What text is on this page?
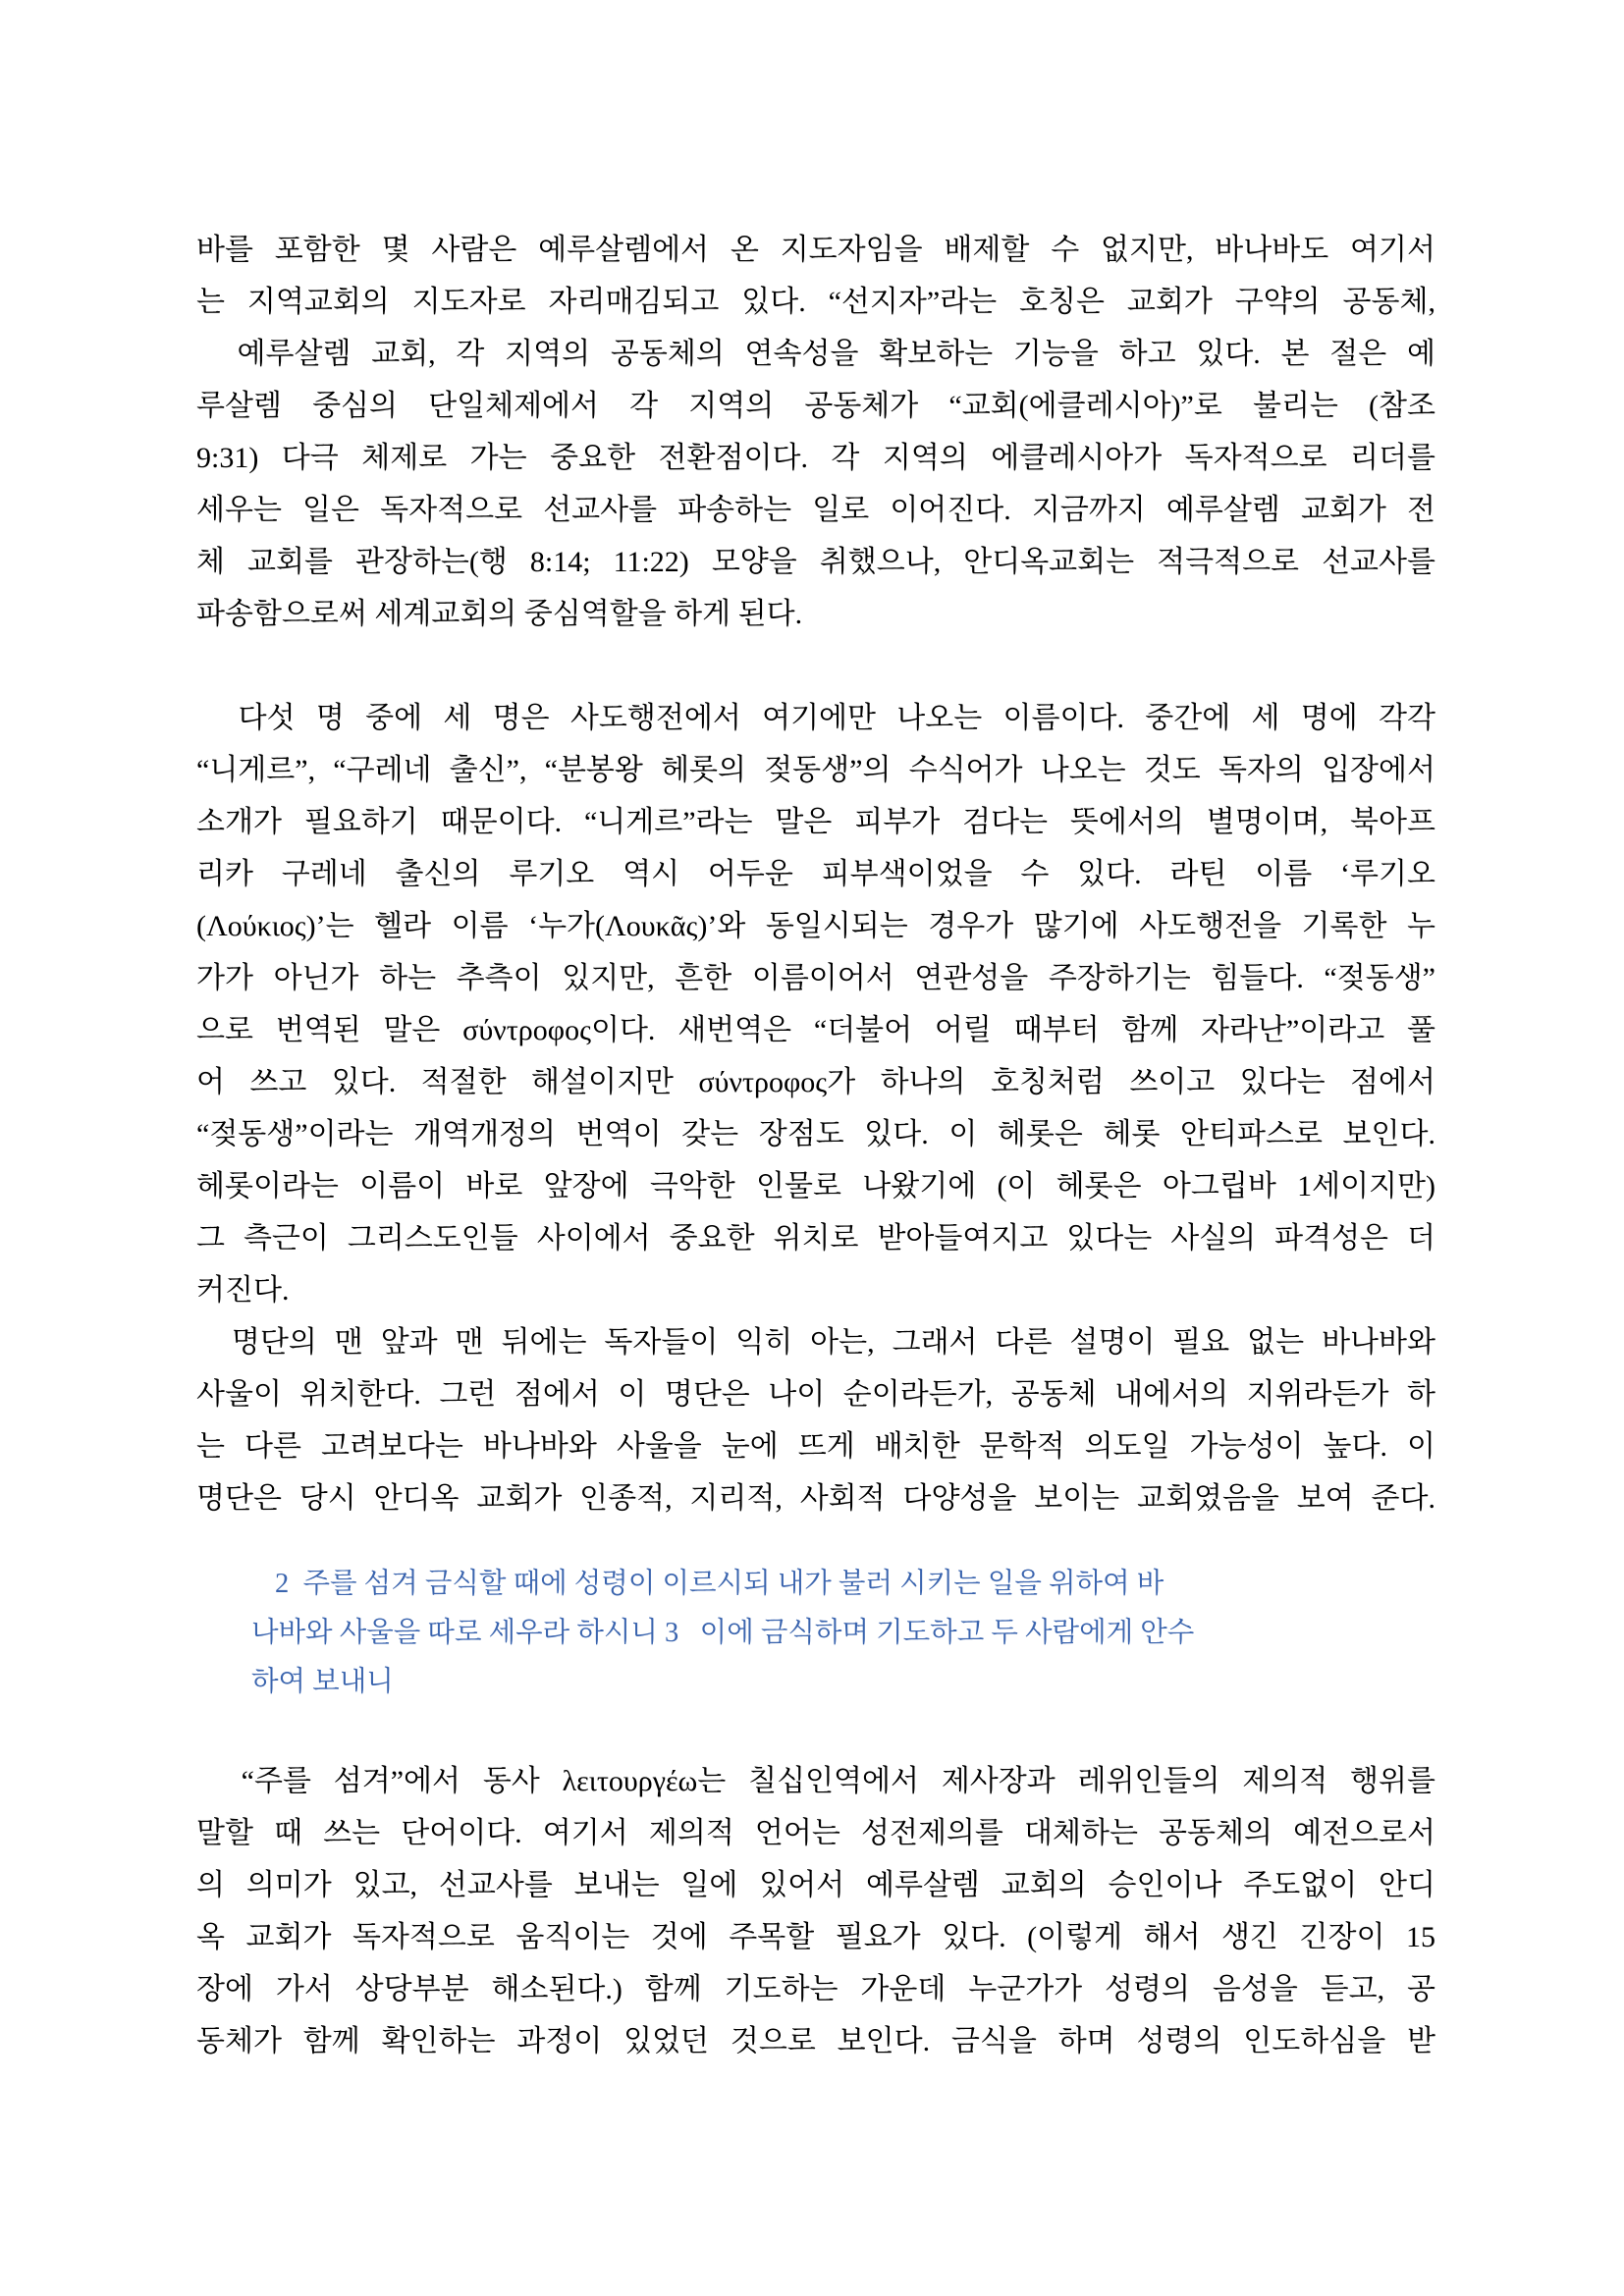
바를 포함한 몇 사람은 예루살렘에서 온 지도자임을 배제할 수 없지만, 바나바도 여기서
는 지역교회의 지도자로 자리매김되고 있다. “선지자”라는 호칭은 교회가 구약의 공동체,
예루살렘 교회, 각 지역의 공동체의 연속성을 확보하는 기능을 하고 있다. 본 절은 예
루살렘 중심의 단일체제에서 각 지역의 공동체가 “교회(에클레시아)”로 불리는 (참조
9:31) 다극 체제로 가는 중요한 전환점이다. 각 지역의 에클레시아가 독자적으로 리더를
세우는 일은 독자적으로 선교사를 파송하는 일로 이어진다. 지금까지 예루살렘 교회가 전
체 교회를 관장하는(행 8:14; 11:22) 모양을 취했으나, 안디옥교회는 적극적으로 선교사를
파송함으로써 세계교회의 중심역할을 하게 된다.
다섯 명 중에 세 명은 사도행전에서 여기에만 나오는 이름이다. 중간에 세 명에 각각
“니게르”, “구레네 출신”, “분봉왕 헤롯의 젖동생”의 수식어가 나오는 것도 독자의 입장에서
소개가 필요하기 때문이다. “니게르”라는 말은 피부가 검다는 뜻에서의 별명이며, 북아프
리카 구레네 출신의 루기오 역시 어두운 피부색이었을 수 있다. 라틴 이름 ‘루기오
(Λούκιος)’는 헬라 이름 ‘누가(Λουκᾶς)’와 동일시되는 경우가 많기에 사도행전을 기록한 누
가가 아닌가 하는 추측이 있지만, 흔한 이름이어서 연관성을 주장하기는 힘들다. “젖동생”
으로 번역된 말은 σύντροφος이다. 새번역은 “더불어 어릴 때부터 함께 자라난”이라고 풀
어 쓰고 있다. 적절한 해설이지만 σύντροφος가 하나의 호칭처럼 쓰이고 있다는 점에서
“젖동생”이라는 개역개정의 번역이 갖는 장점도 있다. 이 헤롯은 헤롯 안티파스로 보인다.
헤롯이라는 이름이 바로 앞장에 극악한 인물로 나왔기에 (이 헤롯은 아그립바 1세이지만)
그 측근이 그리스도인들 사이에서 중요한 위치로 받아들여지고 있다는 사실의 파격성은 더
커진다.
명단의 맨 앞과 맨 뒤에는 독자들이 익히 아는, 그래서 다른 설명이 필요 없는 바나바와
사울이 위치한다. 그런 점에서 이 명단은 나이 순이라든가, 공동체 내에서의 지위라든가 하
는 다른 고려보다는 바나바와 사울을 눈에 뜨게 배치한 문학적 의도일 가능성이 높다. 이
명단은 당시 안디옥 교회가 인종적, 지리적, 사회적 다양성을 보이는 교회였음을 보여 준다.
2  주를 섬겨 금식할 때에 성령이 이르시되 내가 불러 시키는 일을 위하여 바
나바와 사울을 따로 세우라 하시니 3   이에 금식하며 기도하고 두 사람에게 안수
하여 보내니
“주를 섬겨”에서 동사 λειτουργέω는 칠십인역에서 제사장과 레위인들의 제의적 행위를
말할 때 쓰는 단어이다. 여기서 제의적 언어는 성전제의를 대체하는 공동체의 예전으로서
의 의미가 있고, 선교사를 보내는 일에 있어서 예루살렘 교회의 승인이나 주도없이 안디
옥 교회가 독자적으로 움직이는 것에 주목할 필요가 있다. (이렇게 해서 생긴 긴장이 15
장에 가서 상당부분 해소된다.) 함께 기도하는 가운데 누군가가 성령의 음성을 듣고, 공
동체가 함께 확인하는 과정이 있었던 것으로 보인다. 금식을 하며 성령의 인도하심을 받
